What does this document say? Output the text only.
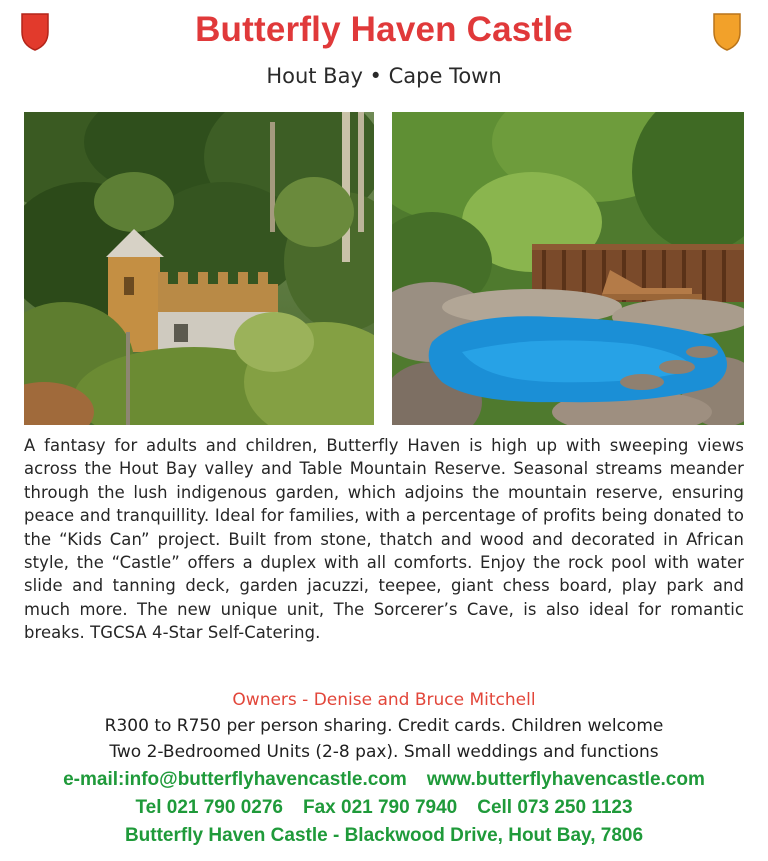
Butterfly Haven Castle
Hout Bay • Cape Town
A fantasy for adults and children, Butterfly Haven is high up with sweeping views across the Hout Bay valley and Table Mountain Reserve. Seasonal streams meander through the lush indigenous garden, which adjoins the mountain reserve, ensuring peace and tranquillity. Ideal for families, with a percentage of profits being donated to the “Kids Can” project. Built from stone, thatch and wood and decorated in African style, the “Castle” offers a duplex with all comforts. Enjoy the rock pool with water slide and tanning deck, garden jacuzzi, teepee, giant chess board, play park and much more. The new unique unit, The Sorcerer’s Cave, is also ideal for romantic breaks. TGCSA 4-Star Self-Catering.
Owners - Denise and Bruce Mitchell
R300 to R750 per person sharing. Credit cards. Children welcome
Two 2-Bedroomed Units (2-8 pax). Small weddings and functions
e-mail:info@butterflyhavencastle.com www.butterflyhavencastle.com
Tel 021 790 0276 Fax 021 790 7940 Cell 073 250 1123
Butterfly Haven Castle - Blackwood Drive, Hout Bay, 7806
